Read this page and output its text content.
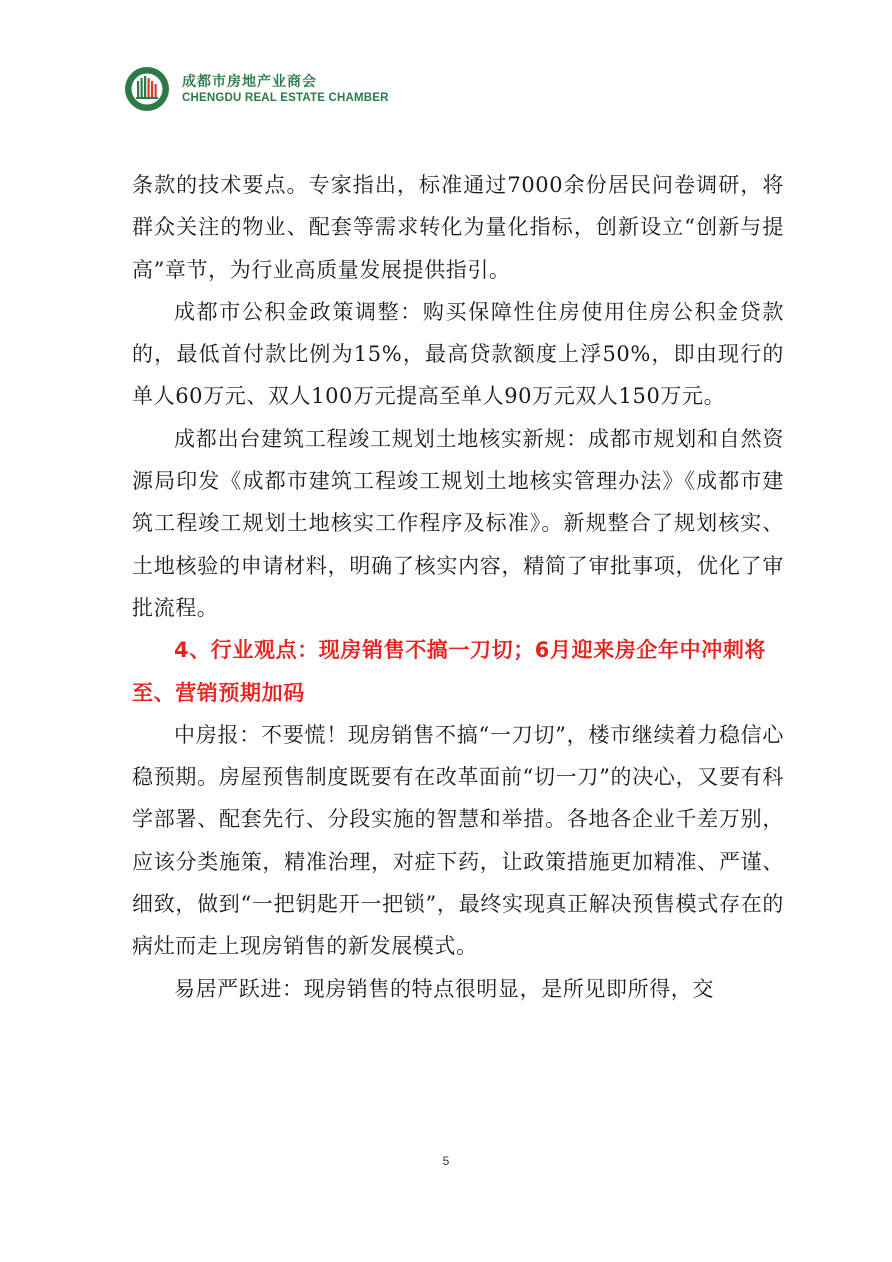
成都市房地产业商会
CHENGDU REAL ESTATE CHAMBER

条款的技术要点。专家指出，标准通过7000余份居民问卷调研，将群众关注的物业、配套等需求转化为量化指标，创新设立“创新与提高”章节，为行业高质量发展提供指引。

成都市公积金政策调整：购买保障性住房使用住房公积金贷款的，最低首付款比例为15%，最高贷款额度上浮50%，即由现行的单人60万元、双人100万元提高至单人90万元双人150万元。

成都出台建筑工程竣工规划土地核实新规：成都市规划和自然资源局印发《成都市建筑工程竣工规划土地核实管理办法》《成都市建筑工程竣工规划土地核实工作程序及标准》。新规整合了规划核实、土地核验的申请材料，明确了核实内容，精简了审批事项，优化了审批流程。

4、行业观点：现房销售不搞一刀切；6月迎来房企年中冲刺将至、营销预期加码

中房报：不要慌！现房销售不搞“一刀切”，楼市继续着力稳信心稳预期。房屋预售制度既要有在改革面前“切一刀”的决心，又要有科学部署、配套先行、分段实施的智慧和举措。各地各企业千差万别，应该分类施策，精准治理，对症下药，让政策措施更加精准、严谨、细致，做到“一把钥匙开一把锁”，最终实现真正解决预售模式存在的病灶而走上现房销售的新发展模式。

易居严跃进：现房销售的特点很明显，是所见即所得，交

5
